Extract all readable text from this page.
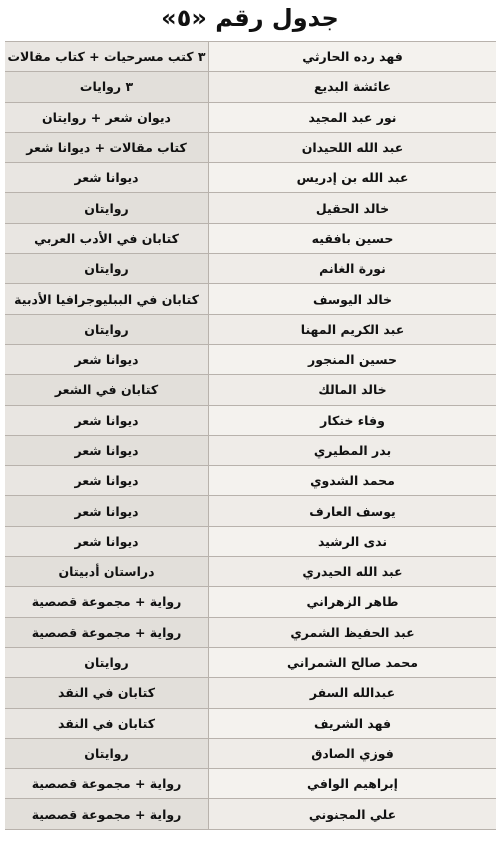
جدول رقم «٥»
فهد رده الحارثي
٣ كتب مسرحيات + كتاب مقالات
عائشة البديع
٣ روايات
نور عبد المجيد
ديوان شعر + روايتان
عبد الله اللحيدان
كتاب مقالات + ديوانا شعر
عبد الله بن إدريس
ديوانا شعر
خالد الحقيل
روايتان
حسين بافقيه
كتابان في الأدب العربي
نورة الغانم
روايتان
خالد اليوسف
كتابان في الببليوجرافيا الأدبية
عبد الكريم المهنا
روايتان
حسين المنجور
ديوانا شعر
خالد المالك
كتابان في الشعر
وفاء خنكار
ديوانا شعر
بدر المطيري
ديوانا شعر
محمد الشدوي
ديوانا شعر
يوسف العارف
ديوانا شعر
ندى الرشيد
ديوانا شعر
عبد الله الحيدري
دراستان أدبيتان
طاهر الزهراني
رواية + مجموعة قصصية
عبد الحفيظ الشمري
رواية + مجموعة قصصية
محمد صالح الشمراني
روايتان
عبدالله السفر
كتابان في النقد
فهد الشريف
كتابان في النقد
فوزي الصادق
روايتان
إبراهيم الوافي
رواية + مجموعة قصصية
علي المجنوني
رواية + مجموعة قصصية
